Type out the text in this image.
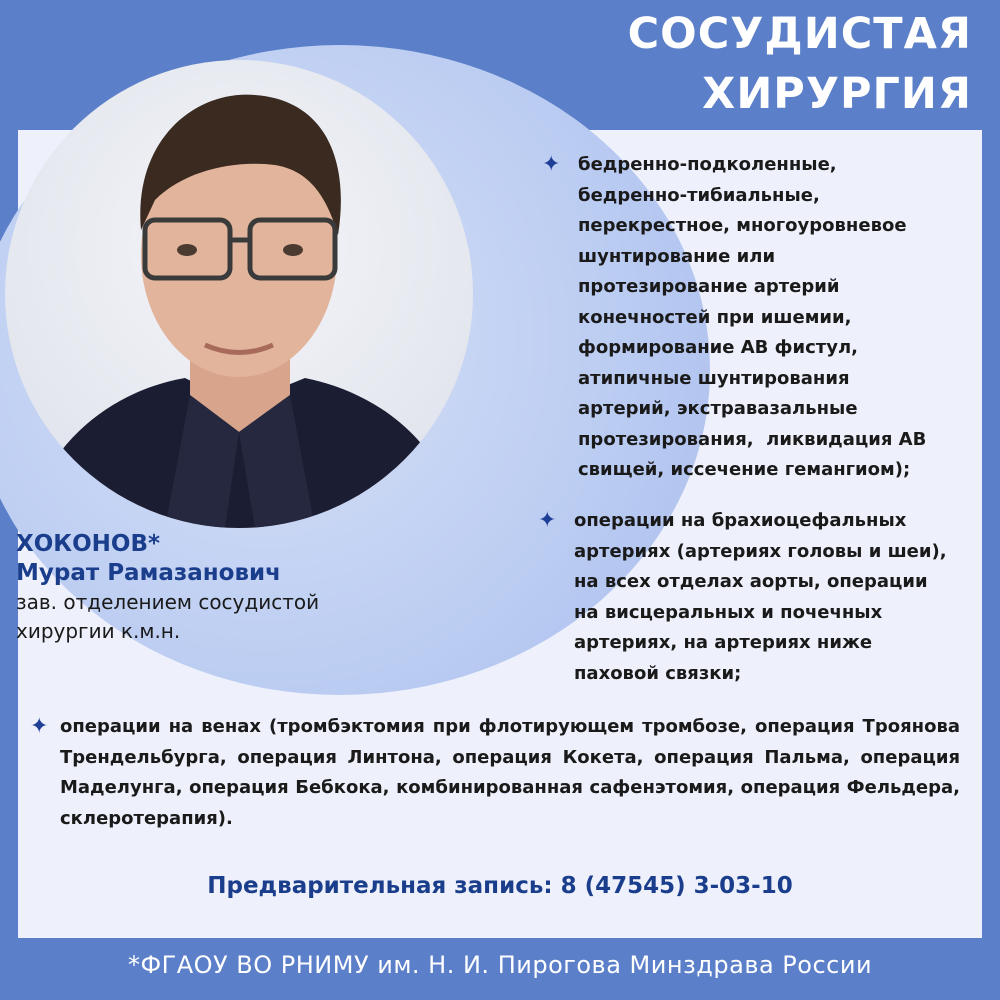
СОСУДИСТАЯ
ХИРУРГИЯ
ХОКОНОВ*
Мурат Рамазанович
зав. отделением сосудистой
хирургии к.м.н.
✦ бедренно-подколенные,
бедренно-тибиальные,
перекрестное, многоуровневое
шунтирование или
протезирование артерий
конечностей при ишемии,
формирование АВ фистул,
атипичные шунтирования
артерий, экстравазальные
протезирования,  ликвидация АВ
свищей, иссечение гемангиом);
✦ операции на брахиоцефальных
артериях (артериях головы и шеи),
на всех отделах аорты, операции
на висцеральных и почечных
артериях, на артериях ниже
паховой связки;
✦ операции на венах (тромбэктомия при флотирующем тромбозе, операция Троянова Трендельбурга, операция Линтона, операция Кокета, операция Пальма, операция Маделунга, операция Бебкока, комбинированная сафенэтомия, операция Фельдера, склеротерапия).
Предварительная запись: 8 (47545) 3-03-10
*ФГАОУ ВО РНИМУ им. Н. И. Пирогова Минздрава России
